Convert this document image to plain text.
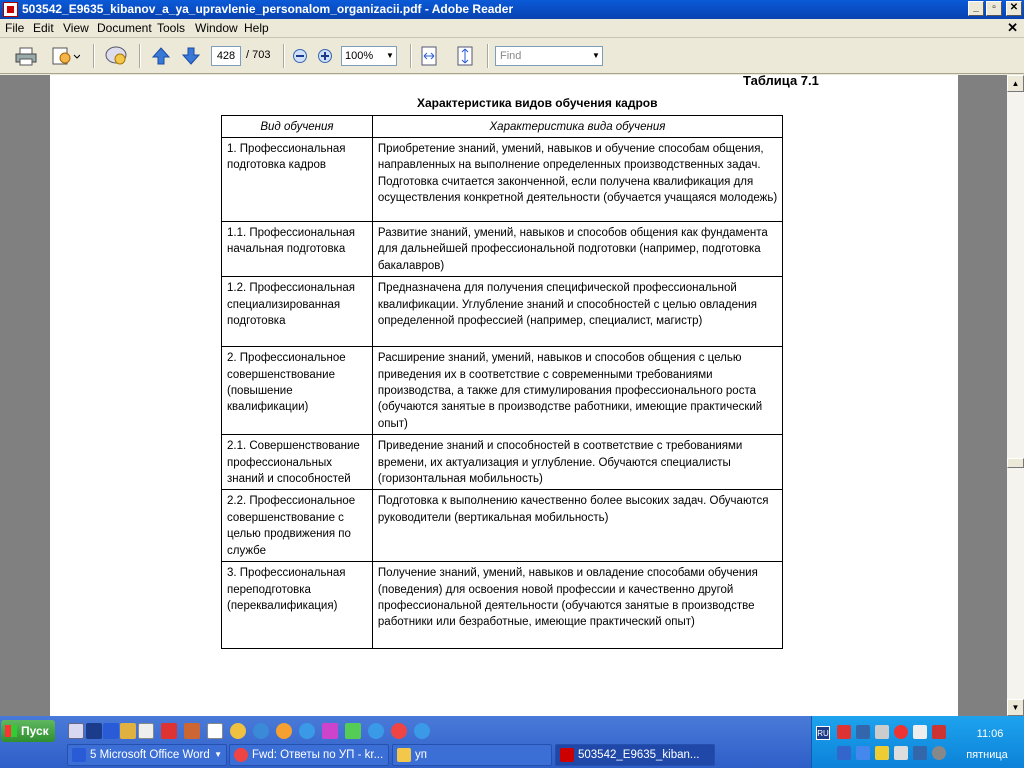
503542_E9635_kibanov_a_ya_upravlenie_personalom_organizacii.pdf - Adobe Reader	_	▫	✕
File Edit View Document Tools Window Help	✕
428 / 703	100% ▼	Find	▼
Таблица 7.1
Характеристика видов обучения кадров
Вид обучения	Характеристика вида обучения
1. Профессиональная подготовка кадров	Приобретение знаний, умений, навыков и обучение способам общения, направленных на выполнение определенных производственных задач. Подготовка считается законченной, если получена квалификация для осуществления конкретной деятельности (обучается учащаяся молодежь)
1.1. Профессиональная начальная подготовка	Развитие знаний, умений, навыков и способов общения как фундамента для дальнейшей профессиональной подготовки (например, подготовка бакалавров)
1.2. Профессиональная специализированная подготовка	Предназначена для получения специфической профессиональной квалификации. Углубление знаний и способностей с целью овладения определенной профессией (например, специалист, магистр)
2. Профессиональное совершенствование (повышение квалификации)	Расширение знаний, умений, навыков и способов общения с целью приведения их в соответствие с современными требованиями производства, а также для стимулирования профессионального роста (обучаются занятые в производстве работники, имеющие практический опыт)
2.1. Совершенствование профессиональных знаний и способностей	Приведение знаний и способностей в соответствие с требованиями времени, их актуализация и углубление. Обучаются специалисты (горизонтальная мобильность)
2.2. Профессиональное совершенствование с целью продвижения по службе	Подготовка к выполнению качественно более высоких задач. Обучаются руководители (вертикальная мобильность)
3. Профессиональная переподготовка (переквалификация)	Получение знаний, умений, навыков и овладение способами обучения (поведения) для освоения новой профессии и качественно другой профессиональной деятельности (обучаются занятые в производстве работники или безработные, имеющие практический опыт)
▲
▼
Пуск
5 Microsoft Office Word ▼	Fwd: Ответы по УП - kr...	уп	503542_E9635_kiban...
RU	11:06
пятница
